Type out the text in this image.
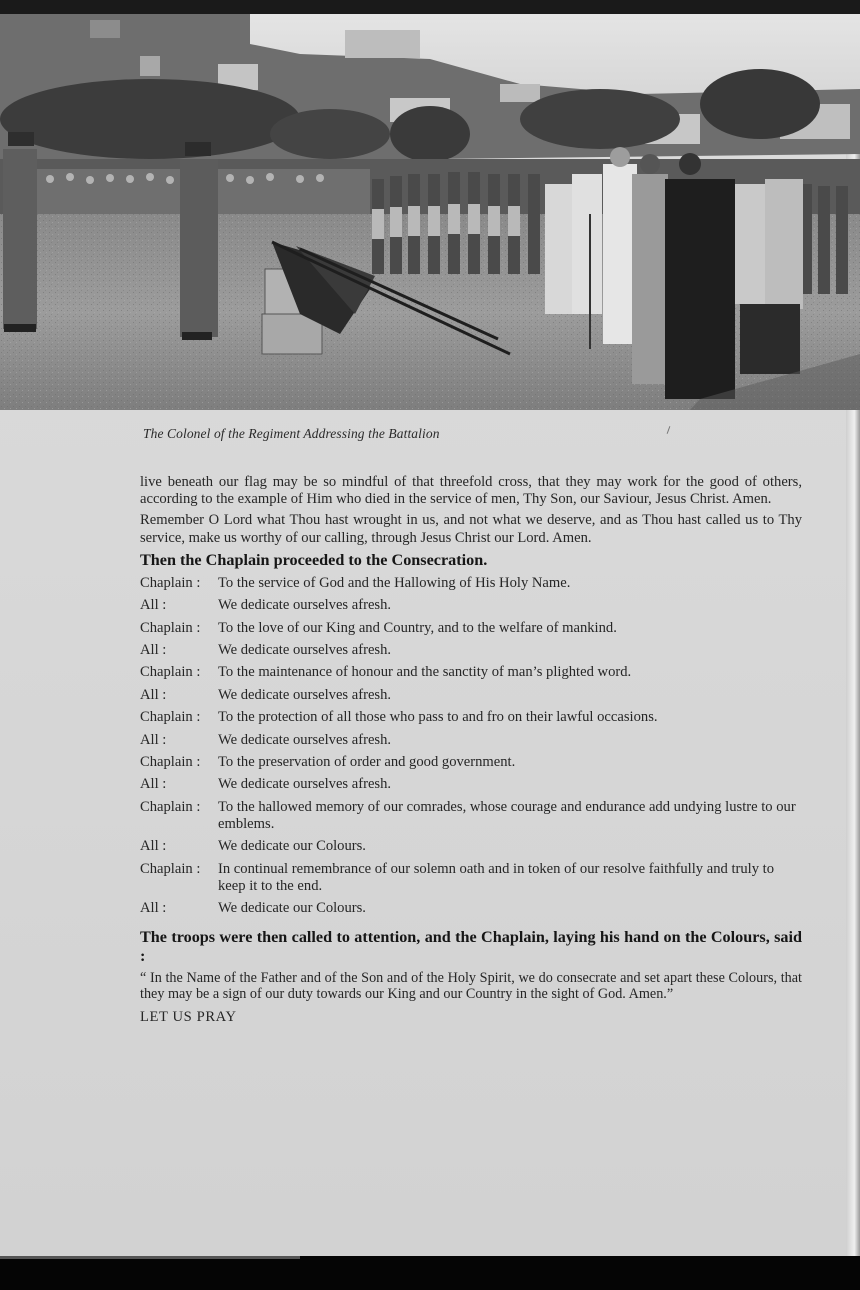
The Colonel of the Regiment Addressing the Battalion

live beneath our flag may be so mindful of that threefold cross, that they may work for the good of others, according to the example of Him who died in the service of men, Thy Son, our Saviour, Jesus Christ. Amen.

Remember O Lord what Thou hast wrought in us, and not what we deserve, and as Thou hast called us to Thy service, make us worthy of our calling, through Jesus Christ our Lord. Amen.

Then the Chaplain proceeded to the Consecration.
Chaplain :	To the service of God and the Hallowing of His Holy Name.
All :	We dedicate ourselves afresh.
Chaplain :	To the love of our King and Country, and to the welfare of mankind.
All :	We dedicate ourselves afresh.
Chaplain :	To the maintenance of honour and the sanctity of man’s plighted word.
All :	We dedicate ourselves afresh.
Chaplain :	To the protection of all those who pass to and fro on their lawful occasions.
All :	We dedicate ourselves afresh.
Chaplain :	To the preservation of order and good government.
All :	We dedicate ourselves afresh.
Chaplain :	To the hallowed memory of our comrades, whose courage and endurance add undying lustre to our emblems.
All :	We dedicate our Colours.
Chaplain :	In continual remembrance of our solemn oath and in token of our resolve faithfully and truly to keep it to the end.
All :	We dedicate our Colours.
The troops were then called to attention, and the Chaplain, laying his hand on the Colours, said :

“ In the Name of the Father and of the Son and of the Holy Spirit, we do consecrate and set apart these Colours, that they may be a sign of our duty towards our King and our Country in the sight of God. Amen.”

LET US PRAY
